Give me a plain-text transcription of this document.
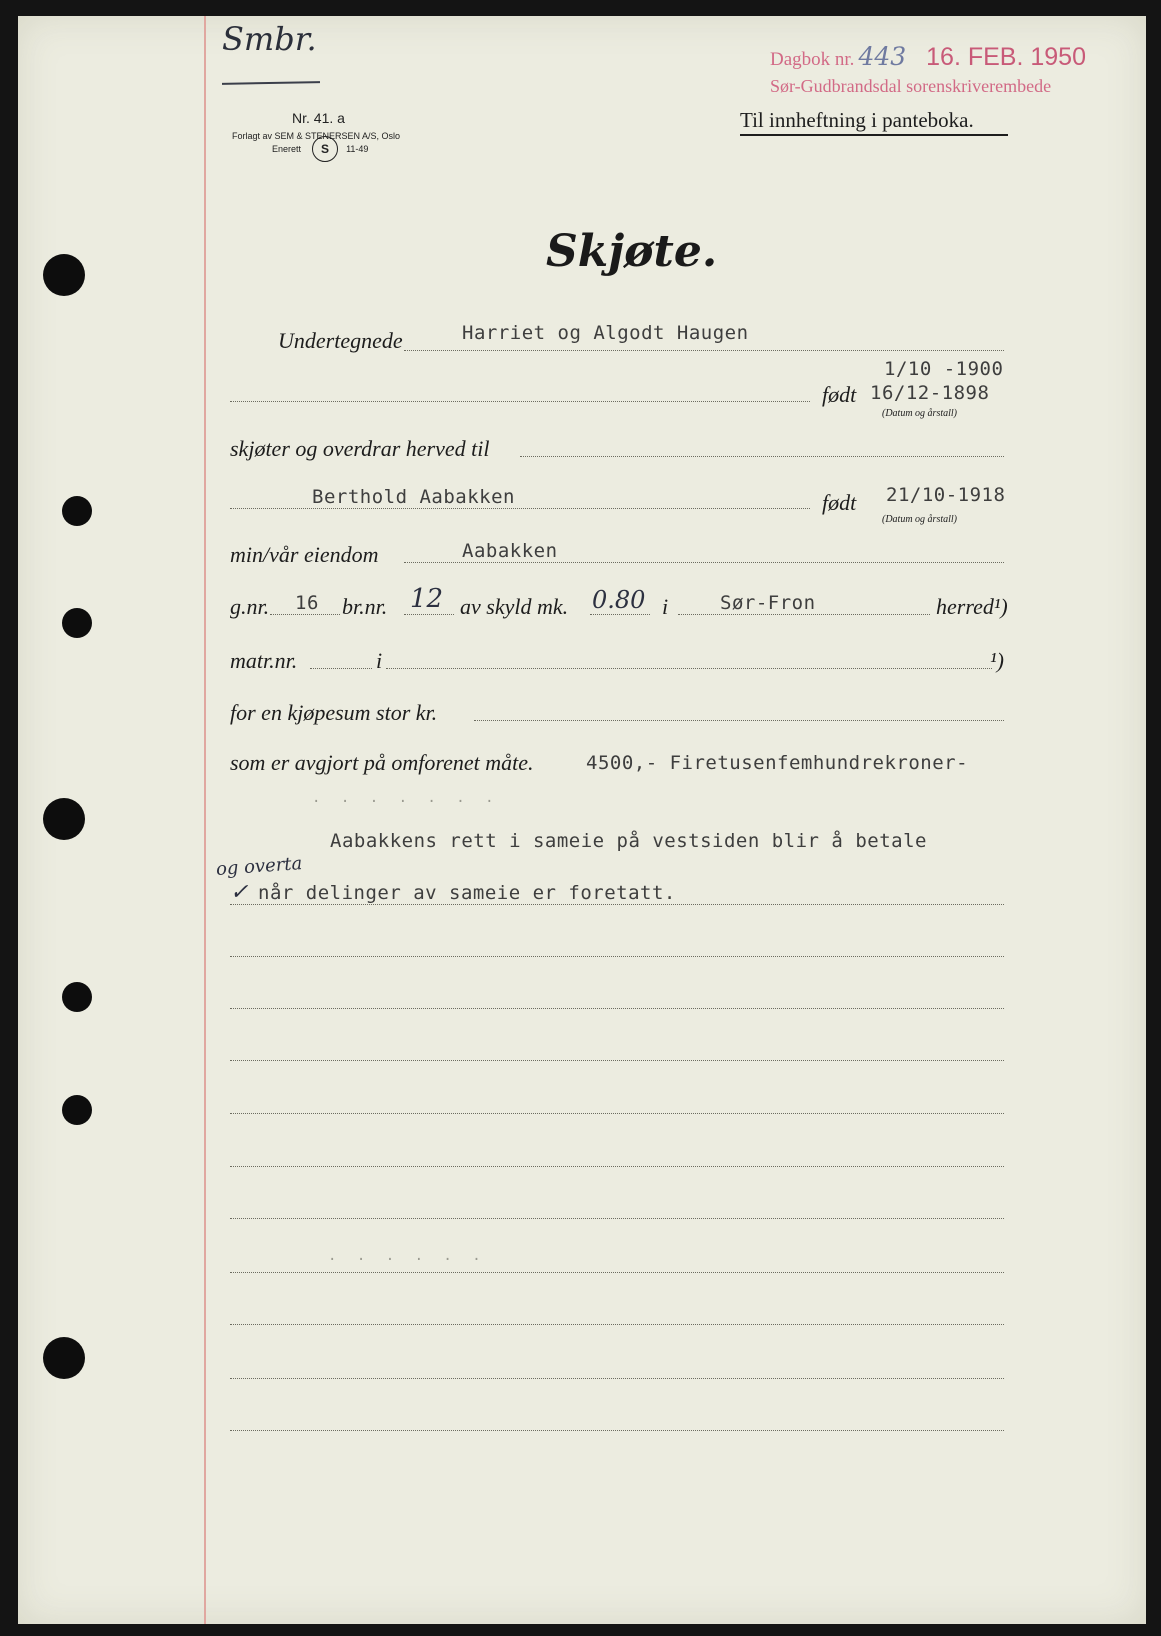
Smbr.
Nr. 41. a
Forlagt av SEM & STENERSEN A/S, Oslo
Enerett	11-49
S
Dagbok nr. 443 16. FEB. 1950
Sør-Gudbrandsdal sorenskriverembede
Til innheftning i panteboka.
Skjøte.
Undertegnede	Harriet og Algodt Haugen
1/10 -1900
født 16/12-1898
(Datum og årstall)
skjøter og overdrar herved til
Berthold Aabakken	født 21/10-1918
(Datum og årstall)
min/vår eiendom	Aabakken
g.nr. 16 br.nr. 12 av skyld mk. 0.80 i	Sør-Fron	herred¹)
matr.nr.	i	¹)
for en kjøpesum stor kr.
som er avgjort på omforenet måte.	4500,- Firetusenfemhundrekroner-
· · · · · · ·
Aabakkens rett i sameie på vestsiden blir å betale
og overta
✓ når delinger av sameie er foretatt.
· · · · · ·
